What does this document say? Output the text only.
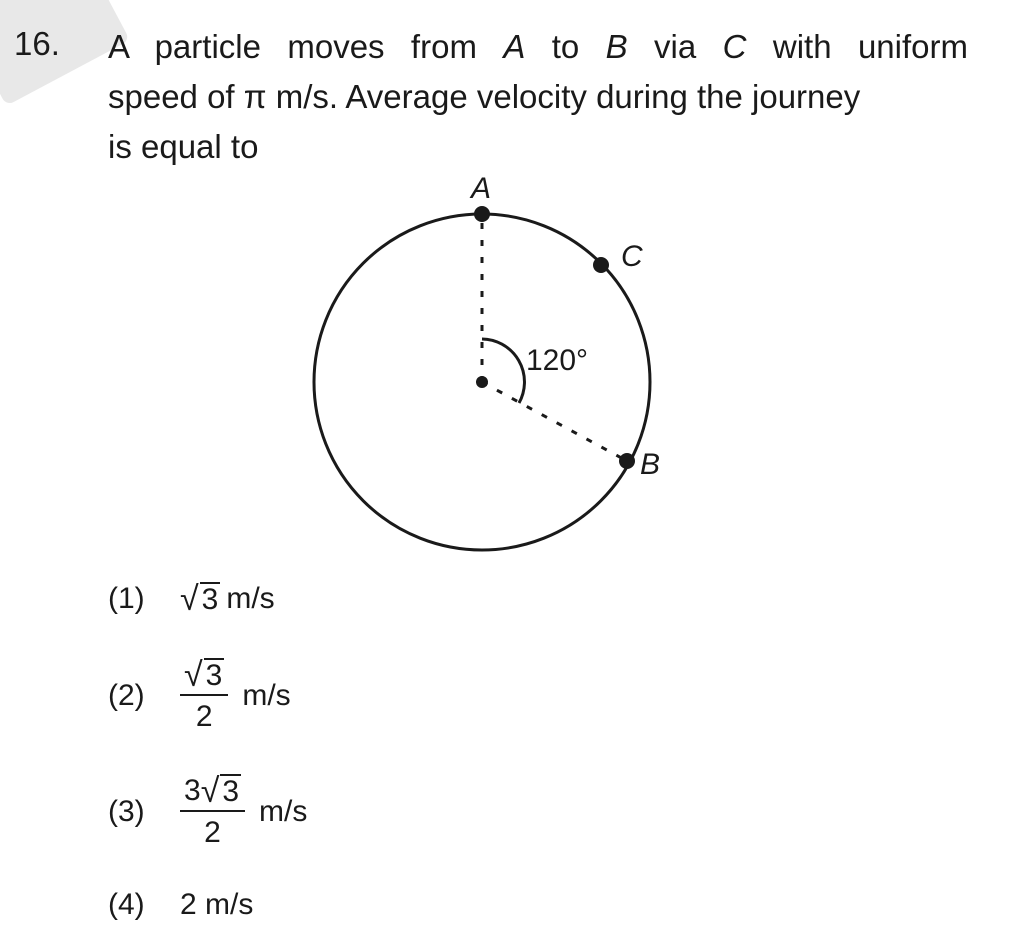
16. A particle moves from A to B via C with uniform
speed of π m/s. Average velocity during the journey
is equal to
A
C
B
120°
(1)	√ 3 m/s
(2)	$\frac{√ 3}{2} m/s$
(3)	$\frac{3 √ 3}{2} m/s$
(4)	2 m/s
